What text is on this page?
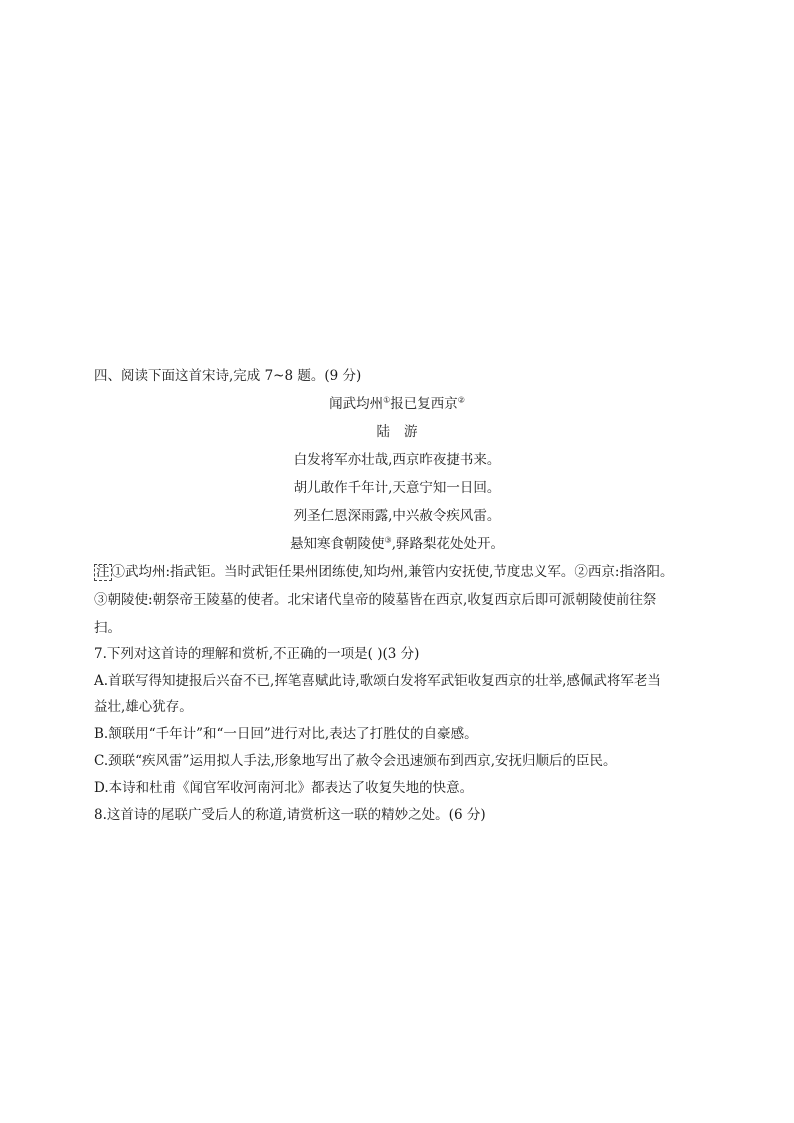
四、阅读下面这首宋诗,完成 7~8 题。(9 分)
闻武均州①报已复西京②
陆游
白发将军亦壮哉,西京昨夜捷书来。
胡儿敢作千年计,天意宁知一日回。
列圣仁恩深雨露,中兴赦令疾风雷。
悬知寒食朝陵使③,驿路梨花处处开。
注 ①武均州:指武钜。当时武钜任果州团练使,知均州,兼管内安抚使,节度忠义军。②西京:指洛阳。
③朝陵使:朝祭帝王陵墓的使者。北宋诸代皇帝的陵墓皆在西京,收复西京后即可派朝陵使前往祭
扫。
7.下列对这首诗的理解和赏析,不正确的一项是( )(3 分)
A.首联写得知捷报后兴奋不已,挥笔喜赋此诗,歌颂白发将军武钜收复西京的壮举,感佩武将军老当
益壮,雄心犹存。
B.颔联用“千年计”和“一日回”进行对比,表达了打胜仗的自豪感。
C.颈联“疾风雷”运用拟人手法,形象地写出了赦令会迅速颁布到西京,安抚归顺后的臣民。
D.本诗和杜甫《闻官军收河南河北》都表达了收复失地的快意。
8.这首诗的尾联广受后人的称道,请赏析这一联的精妙之处。(6 分)
